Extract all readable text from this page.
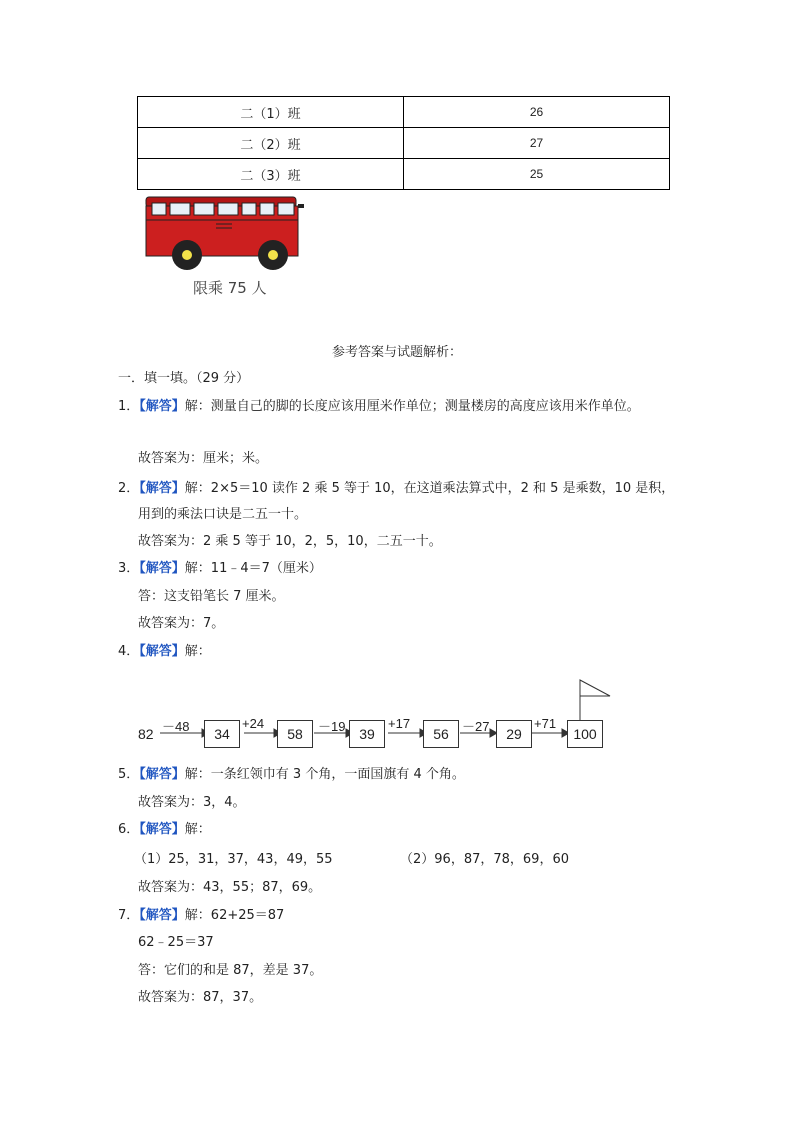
二（1）班	26
二（2）班	27
二（3）班	25
限乘 75 人
参考答案与试题解析：
一．填一填。（29 分）
1．【解答】解：测量自己的脚的长度应该用厘米作单位；测量楼房的高度应该用米作单位。
故答案为：厘米；米。
2．【解答】解：2×5＝10 读作 2 乘 5 等于 10，在这道乘法算式中，2 和 5 是乘数，10 是积，
用到的乘法口诀是二五一十。
故答案为：2 乘 5 等于 10，2，5，10，二五一十。
3．【解答】解：11﹣4＝7（厘米）
答：这支铅笔长 7 厘米。
故答案为：7。
4．【解答】解：
82 －48	+24	－19	+17	－27	+71
34	58	39	56	29	100
5．【解答】解：一条红领巾有 3 个角，一面国旗有 4 个角。
故答案为：3，4。
6．【解答】解：
（1）25，31，37，43，49，55	（2）96，87，78，69，60
故答案为：43，55；87，69。
7．【解答】解：62+25＝87
62﹣25＝37
答：它们的和是 87，差是 37。
故答案为：87，37。
